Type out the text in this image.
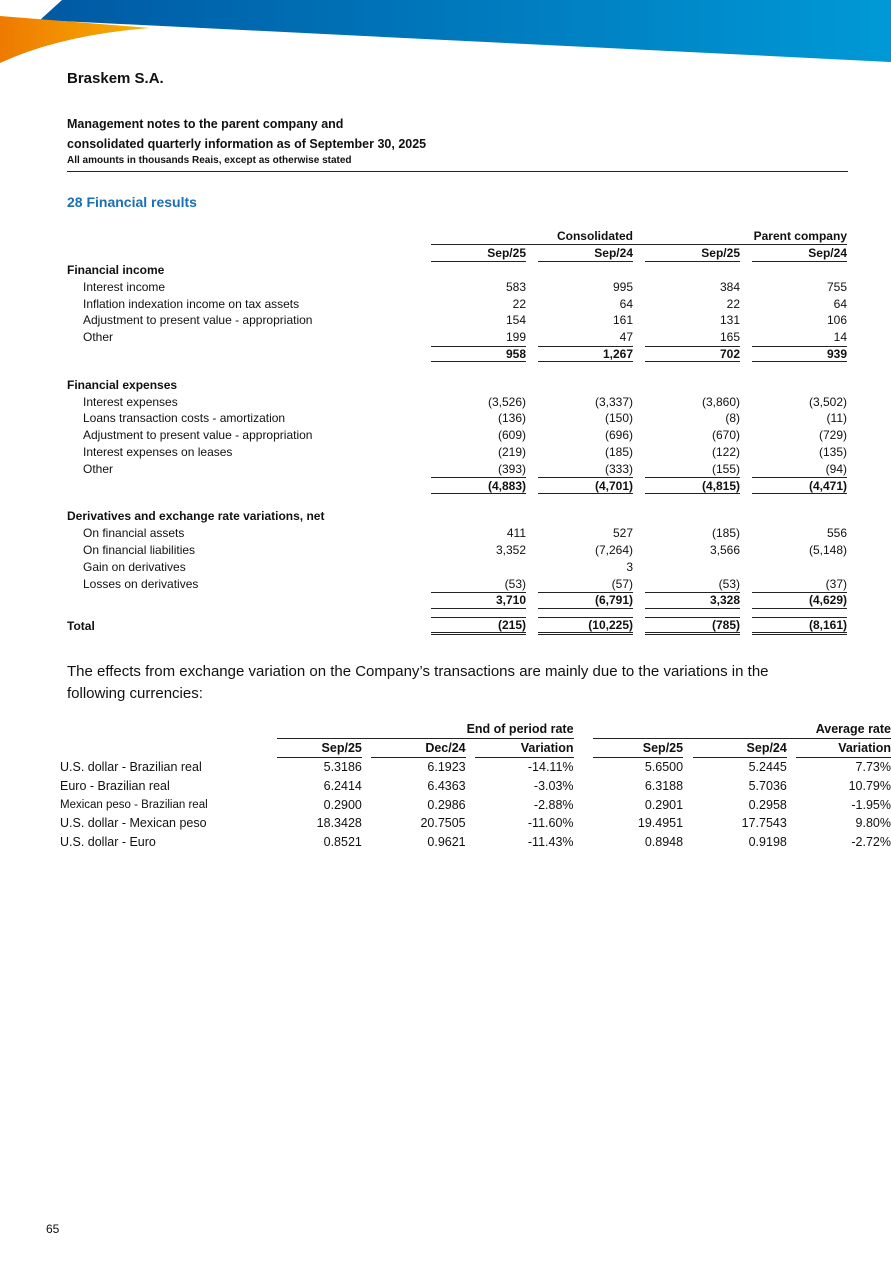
Braskem S.A.
Management notes to the parent company and
consolidated quarterly information as of September 30, 2025
All amounts in thousands Reais, except as otherwise stated
28 Financial results
	Consolidated				Parent company		
	Sep/25		Sep/24		Sep/25		Sep/24
Financial income							
Interest income	583		995		384		755
Inflation indexation income on tax assets	22		64		22		64
Adjustment to present value - appropriation	154		161		131		106
Other	199		47		165		14
	958		1,267		702		939

Financial expenses							
Interest expenses	(3,526)		(3,337)		(3,860)		(3,502)
Loans transaction costs - amortization	(136)		(150)		(8)		(11)
Adjustment to present value - appropriation	(609)		(696)		(670)		(729)
Interest expenses on leases	(219)		(185)		(122)		(135)
Other	(393)		(333)		(155)		(94)
	(4,883)		(4,701)		(4,815)		(4,471)

Derivatives and exchange rate variations, net							
On financial assets	411		527		(185)		556
On financial liabilities	3,352		(7,264)		3,566		(5,148)
Gain on derivatives			3				
Losses on derivatives	(53)		(57)		(53)		(37)
	3,710		(6,791)		3,328		(4,629)

Total	(215)		(10,225)		(785)		(8,161)
The effects from exchange variation on the Company’s transactions are mainly due to the variations in the following currencies:
		End of period rate						Average rate				
		Sep/25		Dec/24		Variation		Sep/25		Sep/24		Variation
U.S. dollar - Brazilian real		5.3186		6.1923		-14.11%		5.6500		5.2445		7.73%
Euro - Brazilian real		6.2414		6.4363		-3.03%		6.3188		5.7036		10.79%
Mexican peso - Brazilian real		0.2900		0.2986		-2.88%		0.2901		0.2958		-1.95%
U.S. dollar - Mexican peso		18.3428		20.7505		-11.60%		19.4951		17.7543		9.80%
U.S. dollar - Euro		0.8521		0.9621		-11.43%		0.8948		0.9198		-2.72%
65
